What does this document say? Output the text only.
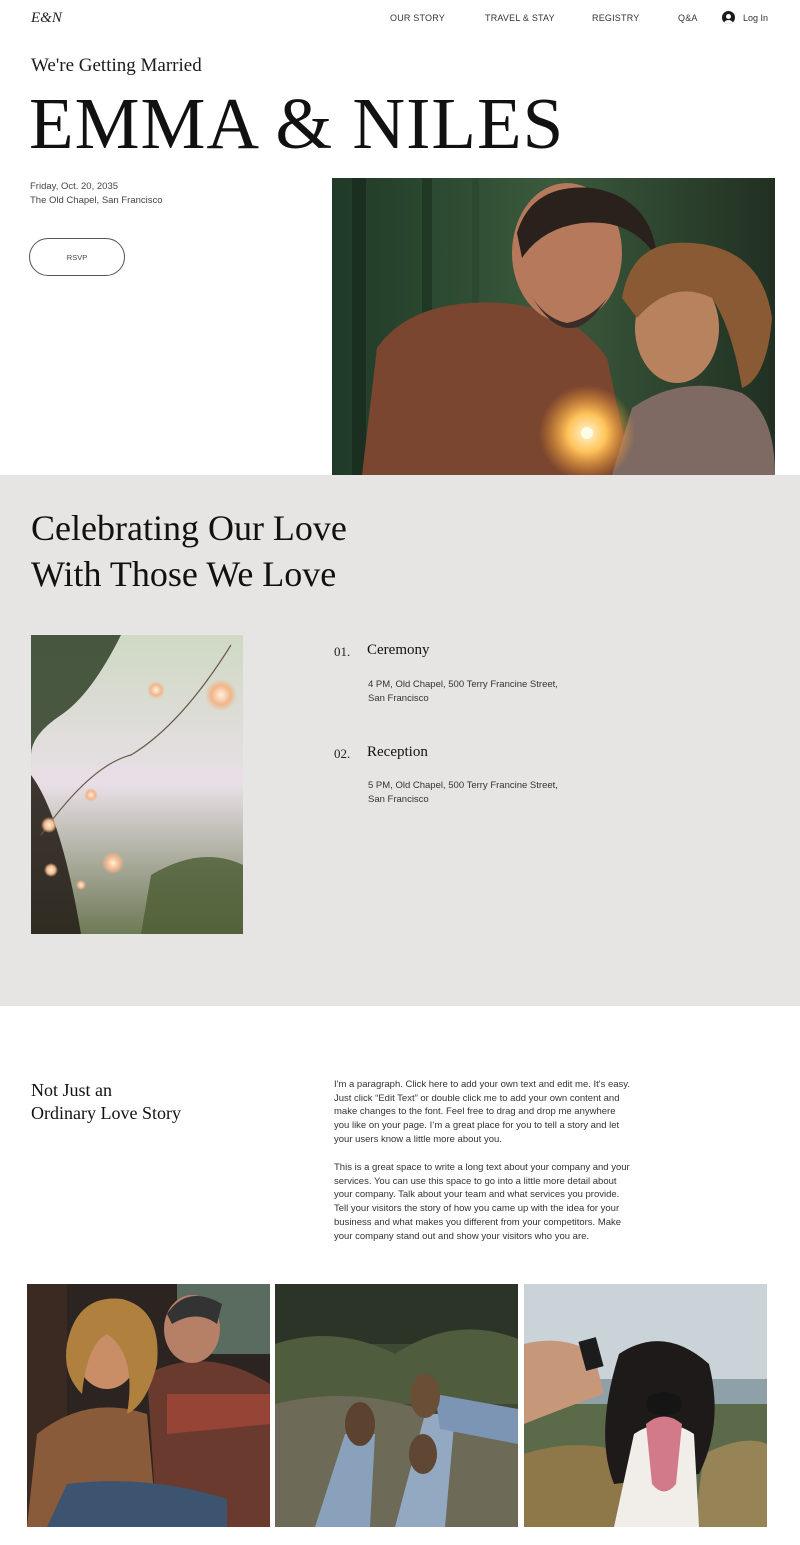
E&N	OUR STORY	TRAVEL & STAY	REGISTRY	Q&A	Log In
We're Getting Married
EMMA & NILES
Friday, Oct. 20, 2035
The Old Chapel, San Francisco
RSVP
Celebrating Our Love
With Those We Love
01. Ceremony
4 PM, Old Chapel, 500 Terry Francine Street,
San Francisco
02. Reception
5 PM, Old Chapel, 500 Terry Francine Street,
San Francisco
Not Just an
Ordinary Love Story
I'm a paragraph. Click here to add your own text and edit me. It's easy.
Just click “Edit Text” or double click me to add your own content and
make changes to the font. Feel free to drag and drop me anywhere
you like on your page. I’m a great place for you to tell a story and let
your users know a little more about you.
This is a great space to write a long text about your company and your
services. You can use this space to go into a little more detail about
your company. Talk about your team and what services you provide.
Tell your visitors the story of how you came up with the idea for your
business and what makes you different from your competitors. Make
your company stand out and show your visitors who you are.
